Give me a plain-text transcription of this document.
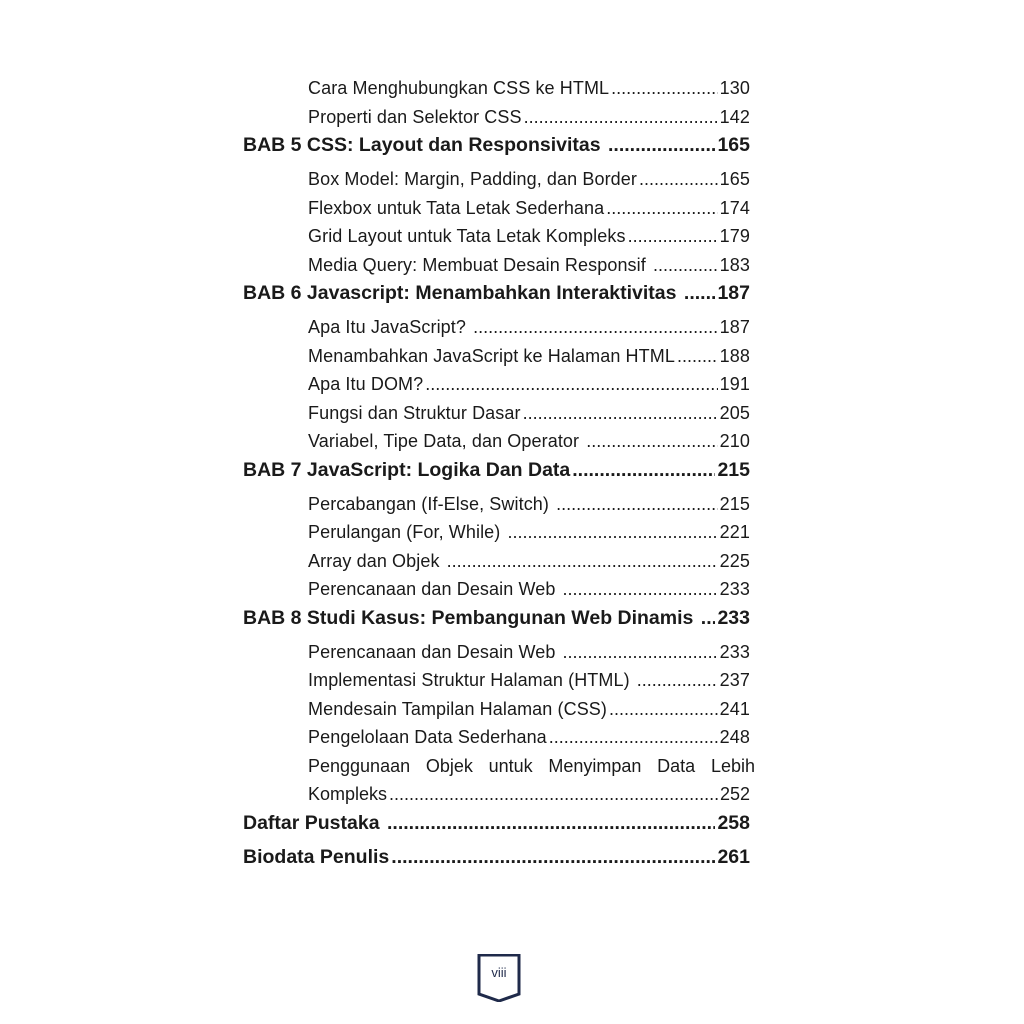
Cara Menghubungkan CSS ke HTML .....	130
Properti dan Selektor CSS .....	142
BAB 5 CSS: Layout dan Responsivitas .....	165
Box Model: Margin, Padding, dan Border .....	165
Flexbox untuk Tata Letak Sederhana .....	174
Grid Layout untuk Tata Letak Kompleks .....	179
Media Query: Membuat Desain Responsif .....	183
BAB 6 Javascript: Menambahkan Interaktivitas ..... 187
Apa Itu JavaScript? .....	187
Menambahkan JavaScript ke Halaman HTML ..... 188
Apa Itu DOM? .....	191
Fungsi dan Struktur Dasar .....	205
Variabel, Tipe Data, dan Operator .....	210
BAB 7 JavaScript: Logika Dan Data .....	215
Percabangan (If-Else, Switch) .....	215
Perulangan (For, While) .....	221
Array dan Objek .....	225
Perencanaan dan Desain Web .....	233
BAB 8 Studi Kasus: Pembangunan Web Dinamis ..... 233
Perencanaan dan Desain Web .....	233
Implementasi Struktur Halaman (HTML) .....	237
Mendesain Tampilan Halaman (CSS) .....	241
Pengelolaan Data Sederhana .....	248
Penggunaan Objek untuk Menyimpan Data Lebih
Kompleks .....	252
Daftar Pustaka .....	258
Biodata Penulis .....	261
viii
